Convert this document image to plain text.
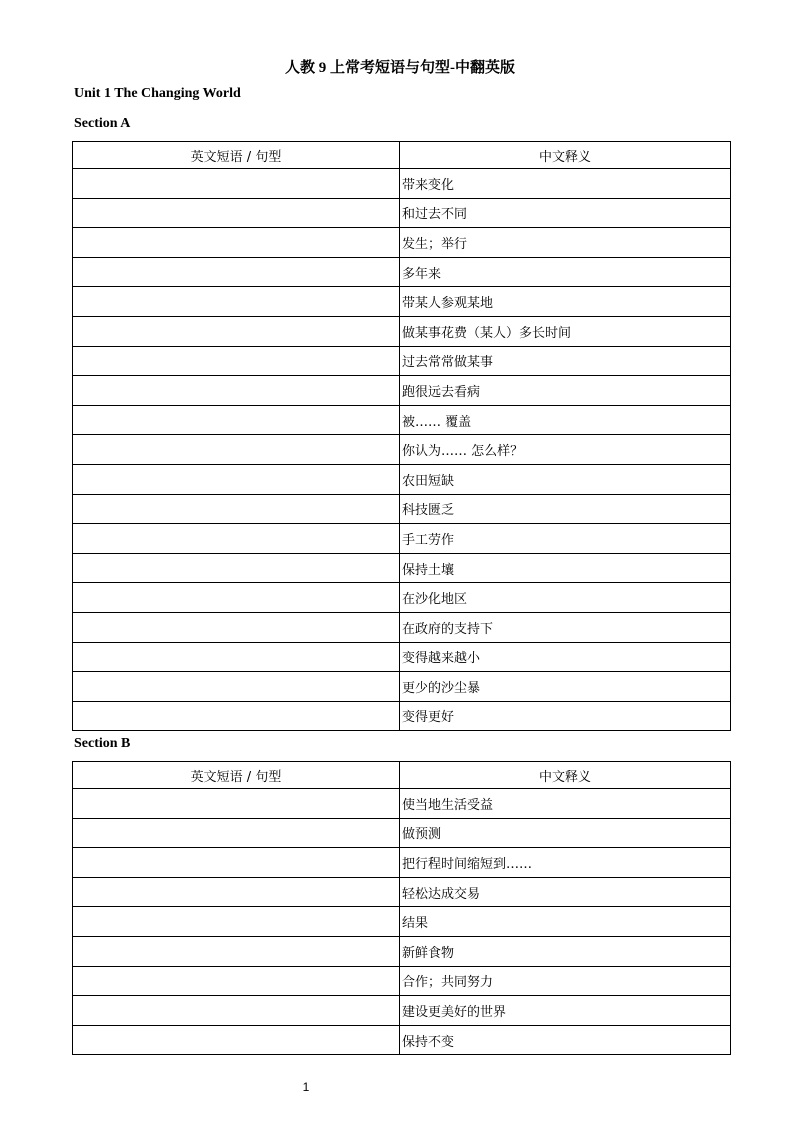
人教 9 上常考短语与句型-中翻英版
Unit 1 The Changing World
Section A
英文短语 / 句型	中文释义
	带来变化
	和过去不同
	发生；举行
	多年来
	带某人参观某地
	做某事花费（某人）多长时间
	过去常常做某事
	跑很远去看病
	被…… 覆盖
	你认为…… 怎么样？
	农田短缺
	科技匮乏
	手工劳作
	保持土壤
	在沙化地区
	在政府的支持下
	变得越来越小
	更少的沙尘暴
	变得更好
Section B
英文短语 / 句型	中文释义
	使当地生活受益
	做预测
	把行程时间缩短到……
	轻松达成交易
	结果
	新鲜食物
	合作；共同努力
	建设更美好的世界
	保持不变
1
